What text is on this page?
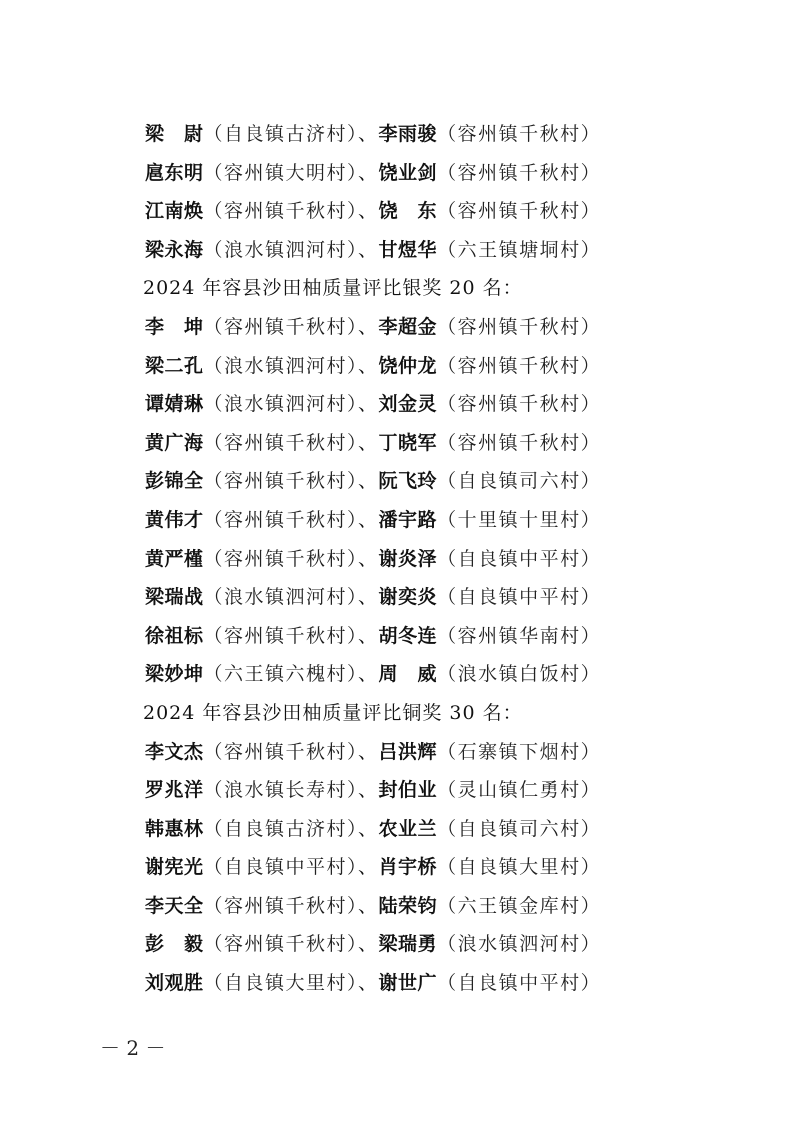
梁　尉（自良镇古济村）、李雨骏（容州镇千秋村）
扈东明（容州镇大明村）、饶业剑（容州镇千秋村）
江南焕（容州镇千秋村）、饶　东（容州镇千秋村）
梁永海（浪水镇泗河村）、甘煜华（六王镇塘垌村）
2024 年容县沙田柚质量评比银奖 20 名：
李　坤（容州镇千秋村）、李超金（容州镇千秋村）
梁二孔（浪水镇泗河村）、饶仲龙（容州镇千秋村）
谭婧琳（浪水镇泗河村）、刘金灵（容州镇千秋村）
黄广海（容州镇千秋村）、丁晓军（容州镇千秋村）
彭锦全（容州镇千秋村）、阮飞玲（自良镇司六村）
黄伟才（容州镇千秋村）、潘宇路（十里镇十里村）
黄严槿（容州镇千秋村）、谢炎泽（自良镇中平村）
梁瑞战（浪水镇泗河村）、谢奕炎（自良镇中平村）
徐祖标（容州镇千秋村）、胡冬连（容州镇华南村）
梁妙坤（六王镇六槐村）、周　威（浪水镇白饭村）
2024 年容县沙田柚质量评比铜奖 30 名：
李文杰（容州镇千秋村）、吕洪辉（石寨镇下烟村）
罗兆洋（浪水镇长寿村）、封伯业（灵山镇仁勇村）
韩惠林（自良镇古济村）、农业兰（自良镇司六村）
谢宪光（自良镇中平村）、肖宇桥（自良镇大里村）
李天全（容州镇千秋村）、陆荣钧（六王镇金库村）
彭　毅（容州镇千秋村）、梁瑞勇（浪水镇泗河村）
刘观胜（自良镇大里村）、谢世广（自良镇中平村）
－ 2 －
